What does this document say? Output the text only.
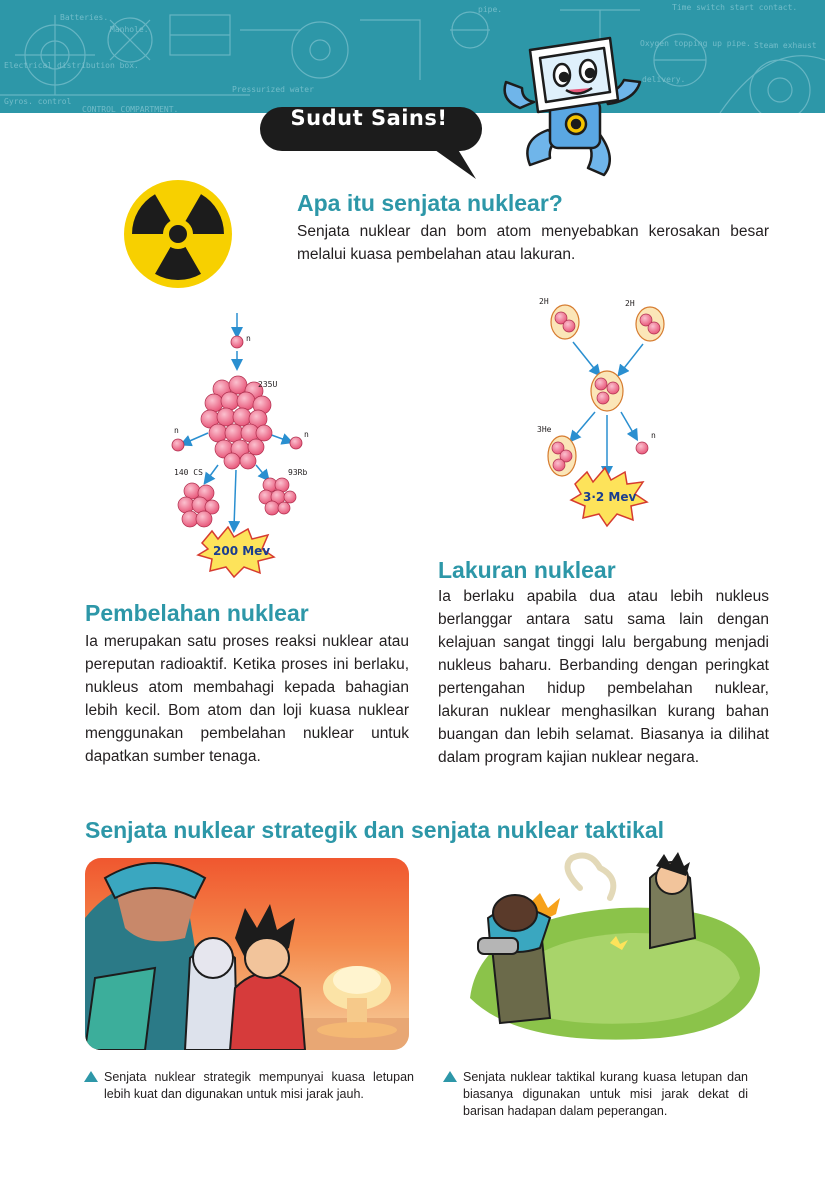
Batteries.
Manhole.
Electrical distribution box.
Gyros. control
CONTROL COMPARTMENT.
Pressurized water
Time switch start contact.
Oxygen topping up pipe. Steam exhaust
delivery.
pipe.
Sudut Sains!
Apa itu senjata nuklear?
Senjata nuklear dan bom atom menyebabkan kerosakan besar melalui kuasa pembelahan atau lakuran.
n
235U
n	n
140 CS	93Rb
200 Mev
2H	2H
3He
n
3·2 Mev
Pembelahan nuklear
Ia merupakan satu proses reaksi nuklear atau pereputan radioaktif. Ketika proses ini berlaku, nukleus atom membahagi kepada bahagian lebih kecil. Bom atom dan loji kuasa nuklear menggunakan pembelahan nuklear untuk dapatkan sumber tenaga.
Lakuran nuklear
Ia berlaku apabila dua atau lebih nukleus berlanggar antara satu sama lain dengan kelajuan sangat tinggi lalu bergabung menjadi nukleus baharu. Berbanding dengan peringkat pertengahan hidup pembelahan nuklear, lakuran nuklear menghasilkan kurang bahan buangan dan lebih selamat. Biasanya ia dilihat dalam program kajian nuklear negara.
Senjata nuklear strategik dan senjata nuklear taktikal
Senjata nuklear strategik mempunyai kuasa letupan lebih kuat dan digunakan untuk misi jarak jauh.
Senjata nuklear taktikal kurang kuasa letupan dan biasanya digunakan untuk misi jarak dekat di barisan hadapan dalam peperangan.
